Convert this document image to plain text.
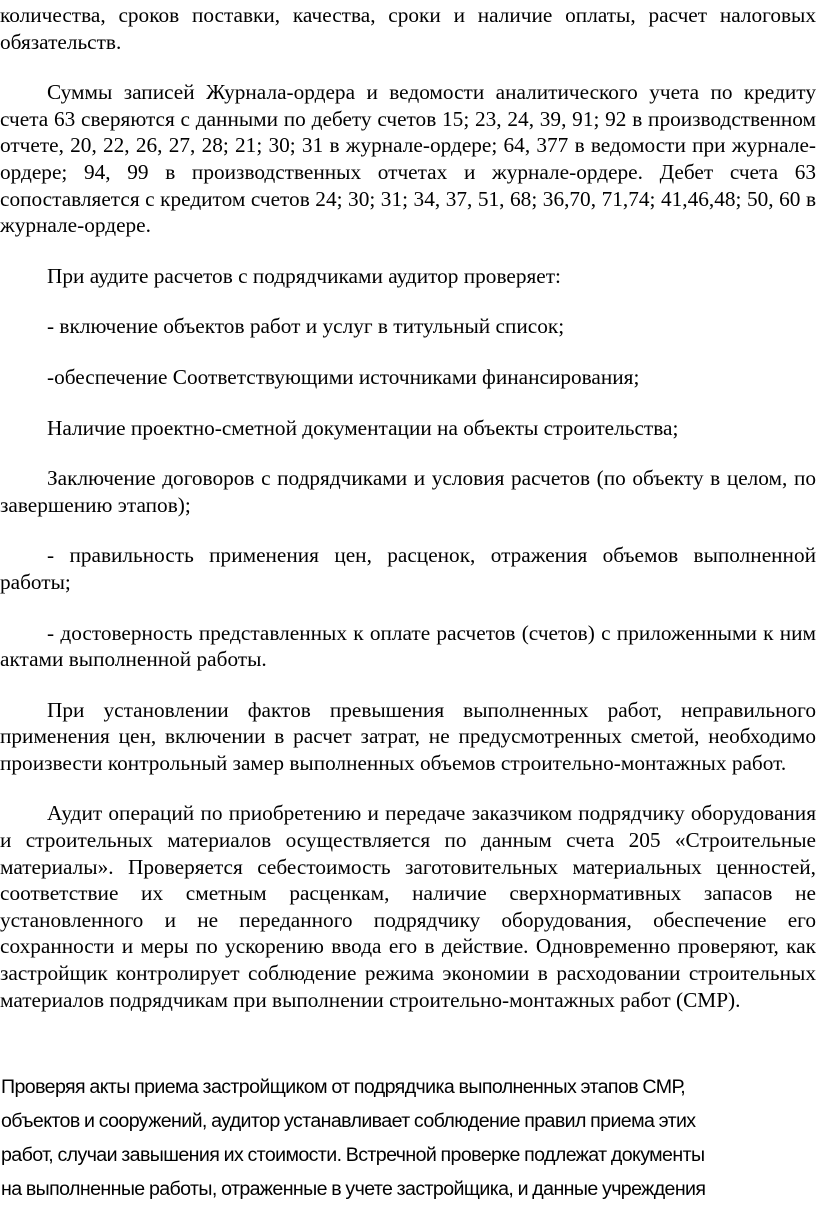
количества, сроков поставки, качества, сроки и наличие оплаты, расчет налоговых обязательств.

Суммы записей Журнала-ордера и ведомости аналитического учета по кредиту счета 63 сверяются с данными по дебету счетов 15; 23, 24, 39, 91; 92 в производственном отчете, 20, 22, 26, 27, 28; 21; 30; 31 в журнале-ордере; 64, 377 в ведомости при журнале-ордере; 94, 99 в производственных отчетах и журнале-ордере. Дебет счета 63 сопоставляется с кредитом счетов 24; 30; 31; 34, 37, 51, 68; 36,70, 71,74; 41,46,48; 50, 60 в журнале-ордере.

При аудите расчетов с подрядчиками аудитор проверяет:

- включение объектов работ и услуг в титульный список;

-обеспечение Соответствующими источниками финансирования;

Наличие проектно-сметной документации на объекты строительства;

Заключение договоров с подрядчиками и условия расчетов (по объекту в целом, по завершению этапов);

- правильность применения цен, расценок, отражения объемов выполненной работы;

- достоверность представленных к оплате расчетов (счетов) с приложенными к ним актами выполненной работы.

При установлении фактов превышения выполненных работ, неправильного применения цен, включении в расчет затрат, не предусмотренных сметой, необходимо произвести контрольный замер выполненных объемов строительно-монтажных работ.

Аудит операций по приобретению и передаче заказчиком подрядчику оборудования и строительных материалов осуществляется по данным счета 205 «Строительные материалы». Проверяется себестоимость заготовительных материальных ценностей, соответствие их сметным расценкам, наличие сверхнормативных запасов не установленного и не переданного подрядчику оборудования, обеспечение его сохранности и меры по ускорению ввода его в действие. Одновременно проверяют, как застройщик контролирует соблюдение режима экономии в расходовании строительных материалов подрядчикам при выполнении строительно-монтажных работ (СМР).

Проверяя акты приема застройщиком от подрядчика выполненных этапов СМР,
объектов и сооружений, аудитор устанавливает соблюдение правил приема этих
работ, случаи завышения их стоимости. Встречной проверке подлежат документы
на выполненные работы, отраженные в учете застройщика, и данные учреждения
